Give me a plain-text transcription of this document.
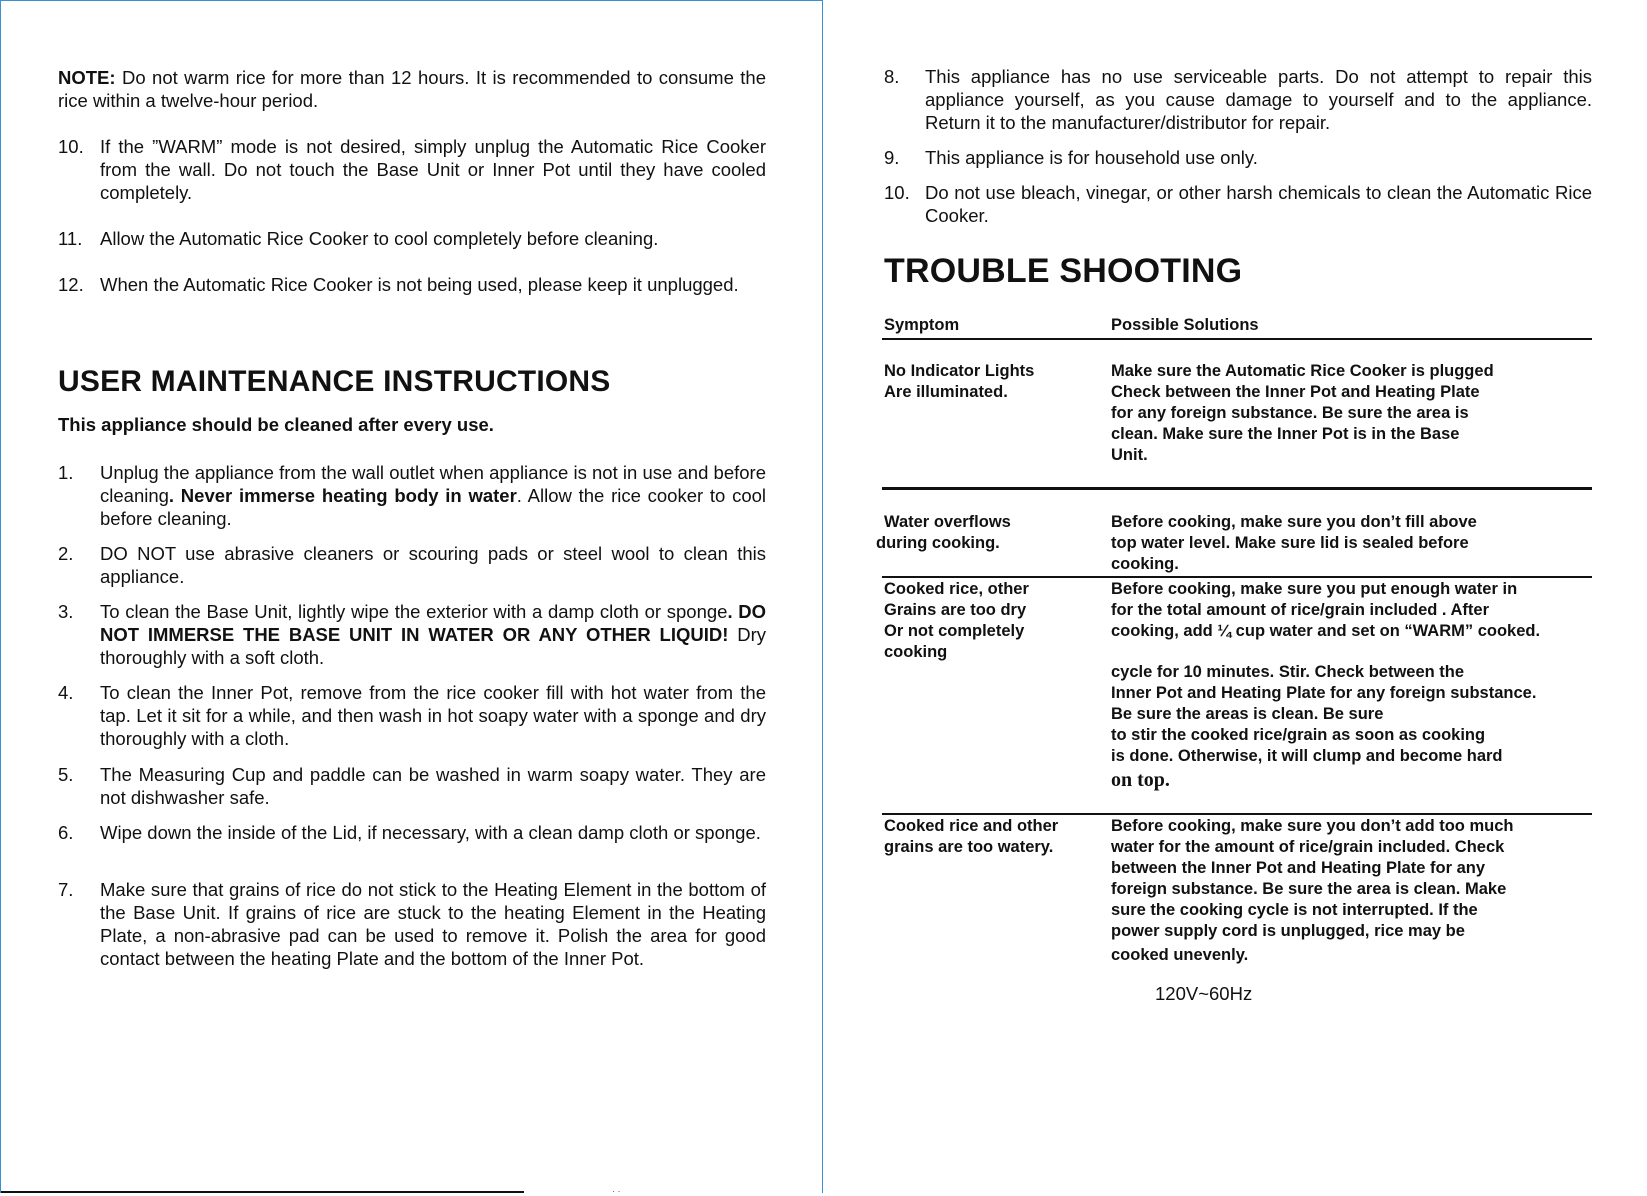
NOTE: Do not warm rice for more than 12 hours. It is recommended to consume the rice within a twelve-hour period.
10. If the ”WARM” mode is not desired, simply unplug the Automatic Rice Cooker from the wall. Do not touch the Base Unit or Inner Pot until they have cooled completely.
11. Allow the Automatic Rice Cooker to cool completely before cleaning.
12. When the Automatic Rice Cooker is not being used, please keep it unplugged.
USER MAINTENANCE INSTRUCTIONS
This appliance should be cleaned after every use.
1. Unplug the appliance from the wall outlet when appliance is not in use and before cleaning. Never immerse heating body in water. Allow the rice cooker to cool before cleaning.
2. DO NOT use abrasive cleaners or scouring pads or steel wool to clean this appliance.
3. To clean the Base Unit, lightly wipe the exterior with a damp cloth or sponge. DO NOT IMMERSE THE BASE UNIT IN WATER OR ANY OTHER LIQUID! Dry thoroughly with a soft cloth.
4. To clean the Inner Pot, remove from the rice cooker fill with hot water from the tap. Let it sit for a while, and then wash in hot soapy water with a sponge and dry thoroughly with a cloth.
5. The Measuring Cup and paddle can be washed in warm soapy water. They are not dishwasher safe.
6. Wipe down the inside of the Lid, if necessary, with a clean damp cloth or sponge.
7. Make sure that grains of rice do not stick to the Heating Element in the bottom of the Base Unit. If grains of rice are stuck to the heating Element in the Heating Plate, a non-abrasive pad can be used to remove it. Polish the area for good contact between the heating Plate and the bottom of the Inner Pot.
· ·
8. This appliance has no use serviceable parts. Do not attempt to repair this appliance yourself, as you cause damage to yourself and to the appliance. Return it to the manufacturer/distributor for repair.
9. This appliance is for household use only.
10. Do not use bleach, vinegar, or other harsh chemicals to clean the Automatic Rice Cooker.
TROUBLE SHOOTING
Symptom	Possible Solutions
No Indicator Lights
Are illuminated.
Make sure the Automatic Rice Cooker is plugged
Check between the Inner Pot and Heating Plate
for any foreign substance. Be sure the area is
clean. Make sure the Inner Pot is in the Base
Unit.
Water overflows
during cooking.
Before cooking, make sure you don’t fill above
top water level. Make sure lid is sealed before
cooking.
Cooked rice, other
Grains are too dry
Or not completely
cooking
Before cooking, make sure you put enough water in
for the total amount of rice/grain included . After
cooking, add ¼ cup water and set on “WARM” cooked.
cycle for 10 minutes. Stir. Check between the
Inner Pot and Heating Plate for any foreign substance.
Be sure the areas is clean. Be sure
to stir the cooked rice/grain as soon as cooking
is done. Otherwise, it will clump and become hard
on top.
Cooked rice and other
grains are too watery.
Before cooking, make sure you don’t add too much
water for the amount of rice/grain included. Check
between the Inner Pot and Heating Plate for any
foreign substance. Be sure the area is clean. Make
sure the cooking cycle is not interrupted. If the
power supply cord is unplugged, rice may be
cooked unevenly.
120V~60Hz
